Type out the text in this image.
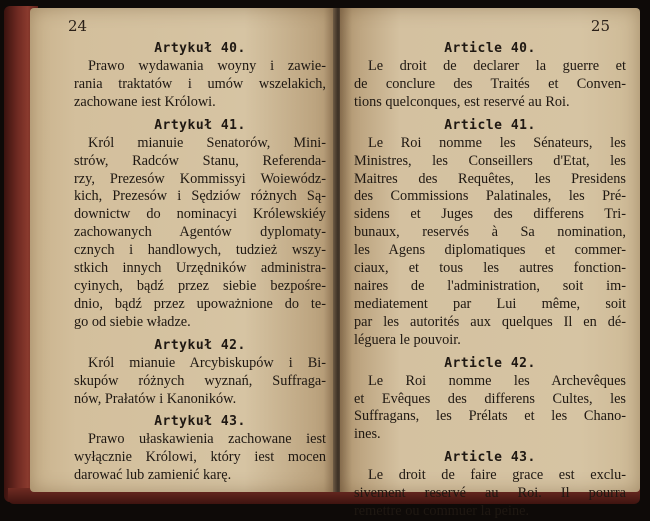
24
Artykuł 40.
Prawo wydawania woyny i zawie-
rania traktatów i umów wszelakich,
zachowane iest Królowi.
Artykuł 41.
Król mianuie Senatorów, Mini-
strów, Radców Stanu, Referenda-
rzy, Prezesów Kommissyi Woiewódz-
kich, Prezesów i Sędziów różnych Są-
downictw do nominacyi Królewskiéy
zachowanych Agentów dyplomaty-
cznych i handlowych, tudzież wszy-
stkich innych Urzędników administra-
cyinych, bądź przez siebie bezpośre-
dnio, bądź przez upoważnione do te-
go od siebie władze.
Artykuł 42.
Król mianuie Arcybiskupów i Bi-
skupów różnych wyznań, Suffraga-
nów, Prałatów i Kanoników.
Artykuł 43.
Prawo ułaskawienia zachowane iest
wyłącznie Królowi, który iest mocen
darować lub zamienić karę.
25
Article 40.
Le droit de declarer la guerre et
de conclure des Traités et Conven-
tions quelconques, est reservé au Roi.
Article 41.
Le Roi nomme les Sénateurs, les
Ministres, les Conseillers d'Etat, les
Maitres des Requêtes, les Presidens
des Commissions Palatinales, les Pré-
sidens et Juges des differens Tri-
bunaux, reservés à Sa nomination,
les Agens diplomatiques et commer-
ciaux, et tous les autres fonction-
naires de l'administration, soit im-
mediatement par Lui même, soit
par les autorités aux quelques Il en dé-
léguera le pouvoir.
Article 42.
Le Roi nomme les Archevêques
et Evêques des differens Cultes, les
Suffragans, les Prélats et les Chano-
ines.
Article 43.
Le droit de faire grace est exclu-
sivement reservé au Roi. Il pourra
remettre ou commuer la peine.
